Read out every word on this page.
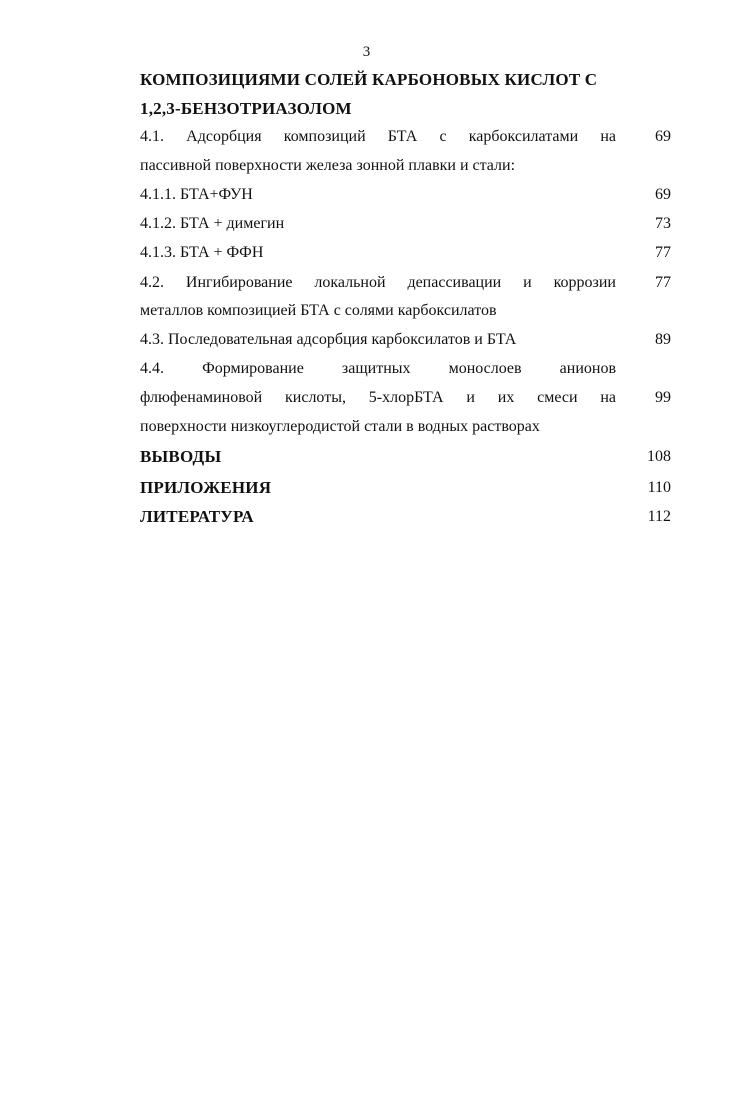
3
КОМПОЗИЦИЯМИ СОЛЕЙ КАРБОНОВЫХ КИСЛОТ С
1,2,3-БЕНЗОТРИАЗОЛОМ
4.1. Адсорбция композиций БТА с карбоксилатами на 69
пассивной поверхности железа зонной плавки и стали:
4.1.1. БТА+ФУН	69
4.1.2. БТА + димегин	73
4.1.3. БТА + ФФН	77
4.2. Ингибирование локальной депассивации и коррозии 77
металлов композицией БТА с солями карбоксилатов
4.3. Последовательная адсорбция карбоксилатов и БТА	89
4.4. Формирование защитных монослоев анионов
флюфенаминовой кислоты, 5-хлорБТА и их смеси на 99
поверхности низкоуглеродистой стали в водных растворах
ВЫВОДЫ	108
ПРИЛОЖЕНИЯ	110
ЛИТЕРАТУРА	112
